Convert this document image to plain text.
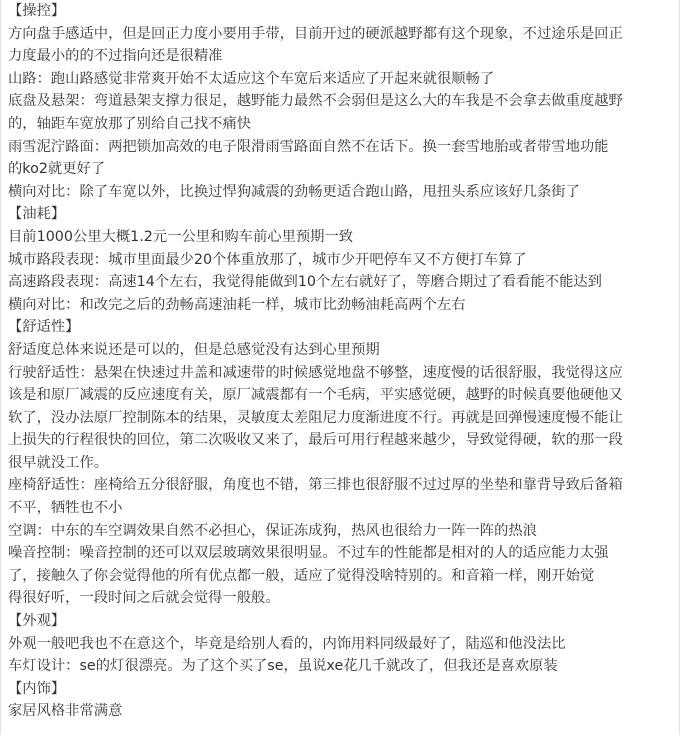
【操控】
方向盘手感适中，但是回正力度小要用手带，目前开过的硬派越野都有这个现象，不过途乐是回正
力度最小的的不过指向还是很精准
山路：跑山路感觉非常爽开始不太适应这个车宽后来适应了开起来就很顺畅了
底盘及悬架：弯道悬架支撑力很足，越野能力最然不会弱但是这么大的车我是不会拿去做重度越野
的，轴距车宽放那了别给自己找不痛快
雨雪泥泞路面：两把锁加高效的电子限滑雨雪路面自然不在话下。换一套雪地胎或者带雪地功能
的ko2就更好了
横向对比：除了车宽以外，比换过悍狗减震的劲畅更适合跑山路，甩扭头系应该好几条街了
【油耗】
目前1000公里大概1.2元一公里和购车前心里预期一致
城市路段表现：城市里面最少20个体重放那了，城市少开吧停车又不方便打车算了
高速路段表现：高速14个左右，我觉得能做到10个左右就好了，等磨合期过了看看能不能达到
横向对比：和改完之后的劲畅高速油耗一样，城市比劲畅油耗高两个左右
【舒适性】
舒适度总体来说还是可以的，但是总感觉没有达到心里预期
行驶舒适性：悬架在快速过井盖和减速带的时候感觉地盘不够整，速度慢的话很舒服，我觉得这应
该是和原厂减震的反应速度有关，原厂减震都有一个毛病，平实感觉硬，越野的时候真要他硬他又
软了，没办法原厂控制陈本的结果，灵敏度太差阻尼力度渐进度不行。再就是回弹慢速度慢不能让
上损失的行程很快的回位，第二次吸收又来了，最后可用行程越来越少，导致觉得硬，软的那一段
很早就没工作。
座椅舒适性：座椅给五分很舒服，角度也不错，第三排也很舒服不过过厚的坐垫和靠背导致后备箱
不平，牺牲也不小
空调：中东的车空调效果自然不必担心，保证冻成狗，热风也很给力一阵一阵的热浪
噪音控制：噪音控制的还可以双层玻璃效果很明显。不过车的性能都是相对的人的适应能力太强
了，接触久了你会觉得他的所有优点都一般，适应了觉得没啥特别的。和音箱一样，刚开始觉
得很好听，一段时间之后就会觉得一般般。
【外观】
外观一般吧我也不在意这个，毕竟是给别人看的，内饰用料同级最好了，陆巡和他没法比
车灯设计：se的灯很漂亮。为了这个买了se，虽说xe花几千就改了，但我还是喜欢原装
【内饰】
家居风格非常满意
